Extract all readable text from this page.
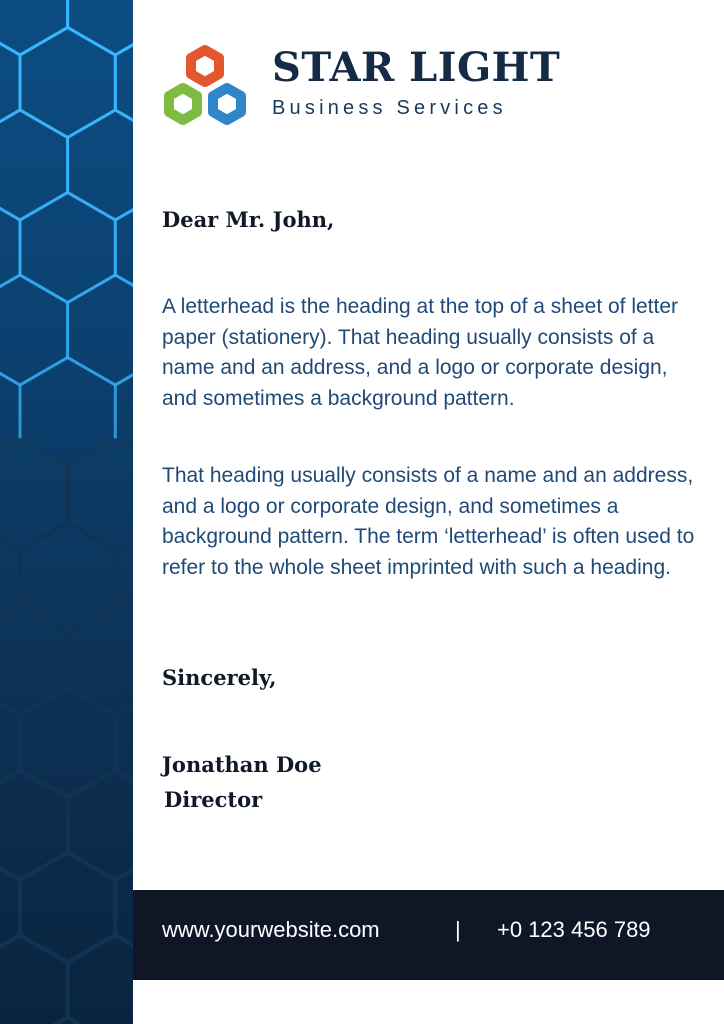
STAR LIGHT
Business Services
Dear Mr. John,

A letterhead is the heading at the top of a sheet of letter paper (stationery). That heading usually consists of a name and an address, and a logo or corporate design, and sometimes a background pattern.

That heading usually consists of a name and an address, and a logo or corporate design, and sometimes a background pattern. The term ‘letterhead’ is often used to refer to the whole sheet imprinted with such a heading.

Sincerely,
Jonathan Doe
Director
www.yourwebsite.com	| +0 123 456 789
